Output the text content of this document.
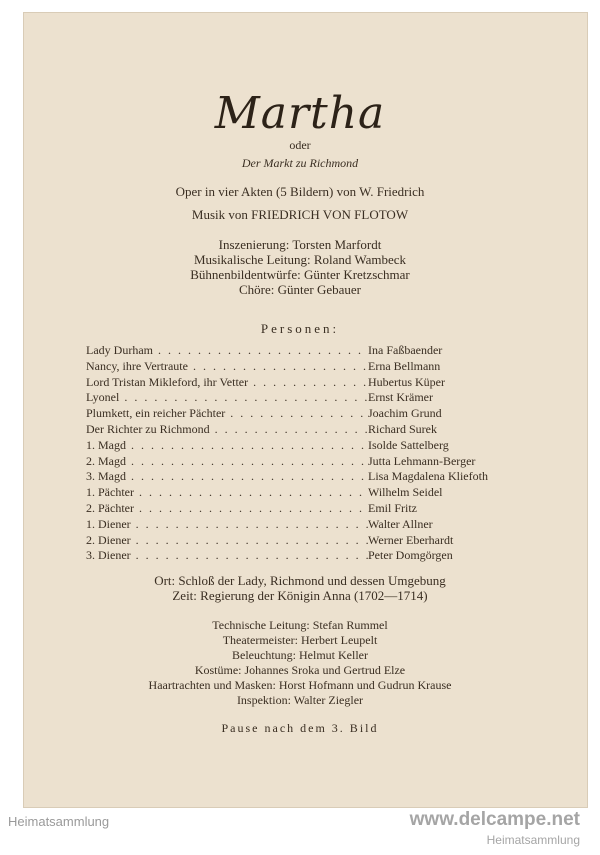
Martha
oder
Der Markt zu Richmond
Oper in vier Akten (5 Bildern) von W. Friedrich
Musik von FRIEDRICH VON FLOTOW
Inszenierung: Torsten Marfordt
Musikalische Leitung: Roland Wambeck
Bühnenbildentwürfe: Günter Kretzschmar
Chöre: Günter Gebauer
Personen:
Lady Durham . . .	Ina Faßbaender
Nancy, ihre Vertraute . . .	Erna Bellmann
Lord Tristan Mikleford, ihr Vetter . . .	Hubertus Küper
Lyonel . . .	Ernst Krämer
Plumkett, ein reicher Pächter . . .	Joachim Grund
Der Richter zu Richmond . . .	Richard Surek
1. Magd . . .	Isolde Sattelberg
2. Magd . . .	Jutta Lehmann-Berger
3. Magd . . .	Lisa Magdalena Kliefoth
1. Pächter . . .	Wilhelm Seidel
2. Pächter . . .	Emil Fritz
1. Diener . . .	Walter Allner
2. Diener . . .	Werner Eberhardt
3. Diener . . .	Peter Domgörgen
Ort: Schloß der Lady, Richmond und dessen Umgebung
Zeit: Regierung der Königin Anna (1702—1714)
Technische Leitung: Stefan Rummel
Theatermeister: Herbert Leupelt
Beleuchtung: Helmut Keller
Kostüme: Johannes Sroka und Gertrud Elze
Haartrachten und Masken: Horst Hofmann und Gudrun Krause
Inspektion: Walter Ziegler
Pause nach dem 3. Bild
Heimatsammlung	www.delcampe.net
Heimatsammlung
